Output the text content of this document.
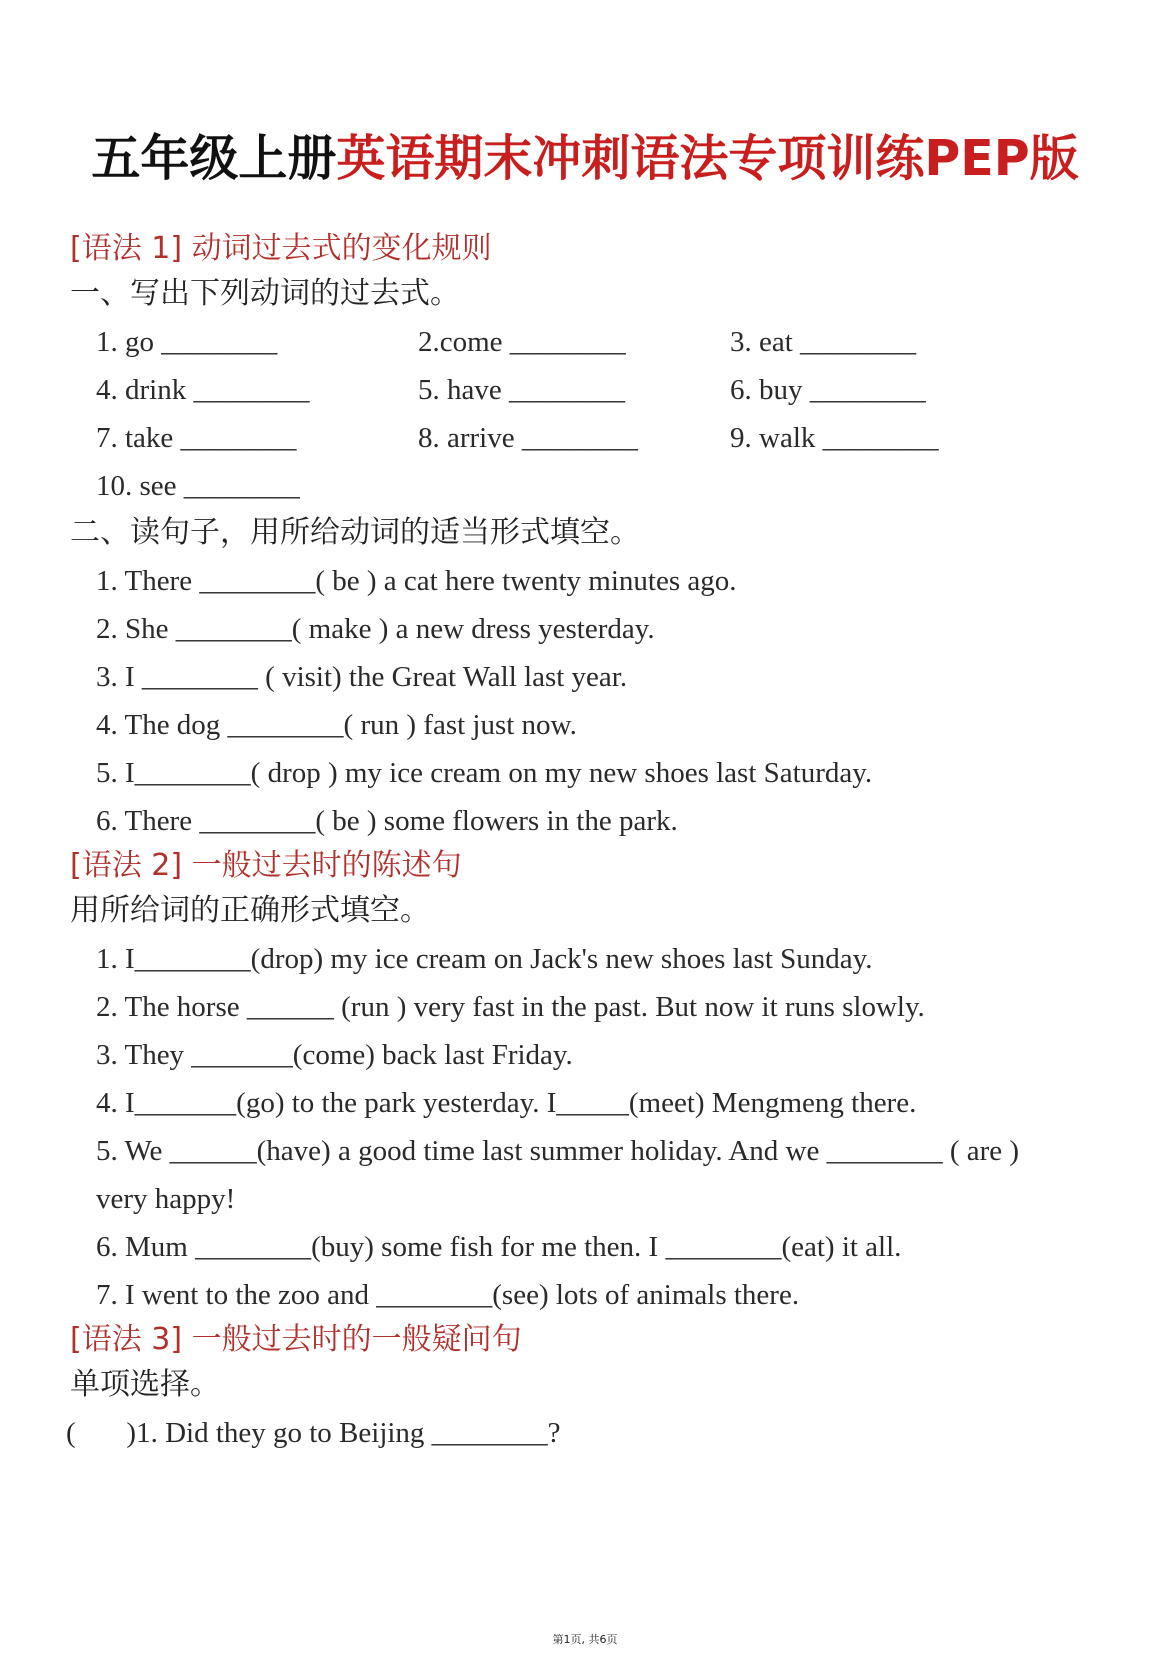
五年级上册英语期末冲刺语法专项训练PEP版
[语法 1] 动词过去式的变化规则
一、写出下列动词的过去式。
1. go ________	2.come ________	3. eat ________
4. drink ________	5. have ________	6. buy ________
7. take ________	8. arrive ________	9. walk ________
10. see ________
二、读句子，用所给动词的适当形式填空。
1. There ________( be ) a cat here twenty minutes ago.
2. She ________( make ) a new dress yesterday.
3. I ________ ( visit) the Great Wall last year.
4. The dog ________( run ) fast just now.
5. I________( drop ) my ice cream on my new shoes last Saturday.
6. There ________( be ) some flowers in the park.
[语法 2] 一般过去时的陈述句
用所给词的正确形式填空。
1. I________(drop) my ice cream on Jack's new shoes last Sunday.
2. The horse ______ (run ) very fast in the past. But now it runs slowly.
3. They _______(come) back last Friday.
4. I_______(go) to the park yesterday. I_____(meet) Mengmeng there.
5. We ______(have) a good time last summer holiday. And we ________ ( are )
very happy!
6. Mum ________(buy) some fish for me then. I ________(eat) it all.
7. I went to the zoo and ________(see) lots of animals there.
[语法 3] 一般过去时的一般疑问句
单项选择。
(       )1. Did they go to Beijing ________?
第1页, 共6页
